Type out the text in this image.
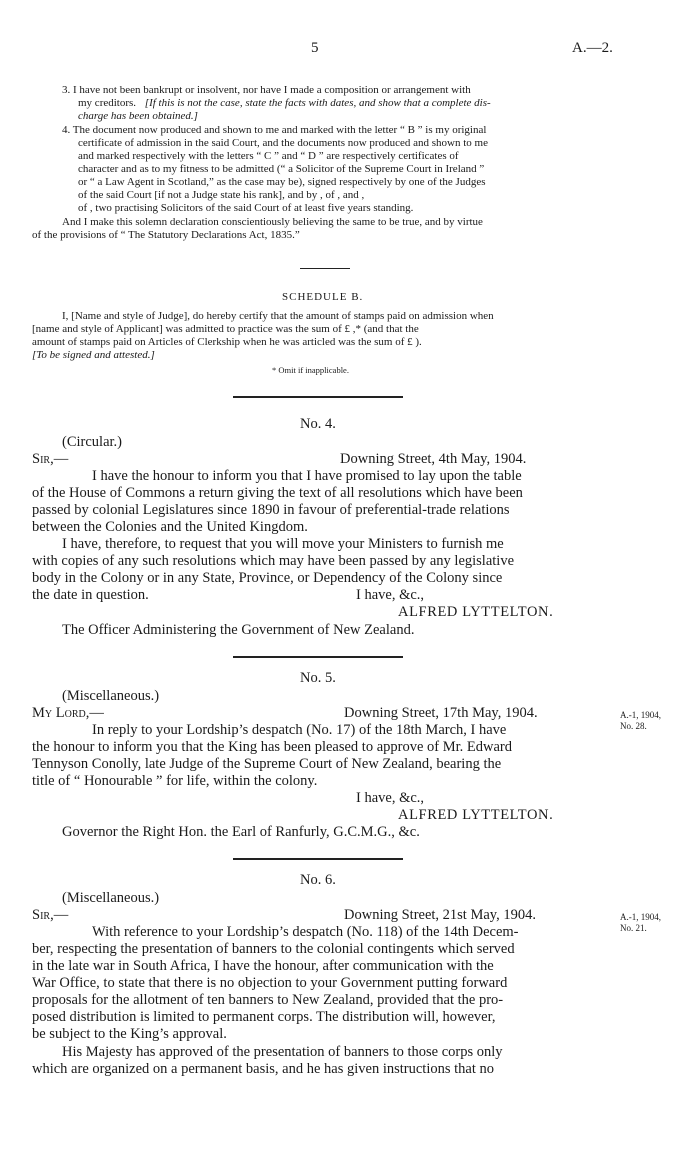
5	A.—2.
3. I have not been bankrupt or insolvent, nor have I made a composition or arrangement with
my creditors. [If this is not the case, state the facts with dates, and show that a complete dis-
charge has been obtained.]
4. The document now produced and shown to me and marked with the letter “ B ” is my original
certificate of admission in the said Court, and the documents now produced and shown to me
and marked respectively with the letters “ C ” and “ D ” are respectively certificates of
character and as to my fitness to be admitted (“ a Solicitor of the Supreme Court in Ireland ”
or “ a Law Agent in Scotland,” as the case may be), signed respectively by one of the Judges
of the said Court [if not a Judge state his rank], and by , of , and ,
of , two practising Solicitors of the said Court of at least five years standing.
And I make this solemn declaration conscientiously believing the same to be true, and by virtue
of the provisions of “ The Statutory Declarations Act, 1835.”
SCHEDULE B.
I, [Name and style of Judge], do hereby certify that the amount of stamps paid on admission when
[name and style of Applicant] was admitted to practice was the sum of £ ,* (and that the
amount of stamps paid on Articles of Clerkship when he was articled was the sum of £ ).
[To be signed and attested.]
* Omit if inapplicable.
No. 4.
(Circular.)
Sir,—	Downing Street, 4th May, 1904.
I have the honour to inform you that I have promised to lay upon the table
of the House of Commons a return giving the text of all resolutions which have been
passed by colonial Legislatures since 1890 in favour of preferential-trade relations
between the Colonies and the United Kingdom.
I have, therefore, to request that you will move your Ministers to furnish me
with copies of any such resolutions which may have been passed by any legislative
body in the Colony or in any State, Province, or Dependency of the Colony since
the date in question.	I have, &c.,
ALFRED LYTTELTON.
The Officer Administering the Government of New Zealand.
No. 5.
(Miscellaneous.)
My Lord,—	Downing Street, 17th May, 1904.	A.-1, 1904,
No. 28.
In reply to your Lordship’s despatch (No. 17) of the 18th March, I have
the honour to inform you that the King has been pleased to approve of Mr. Edward
Tennyson Conolly, late Judge of the Supreme Court of New Zealand, bearing the
title of “ Honourable ” for life, within the colony.
I have, &c.,
ALFRED LYTTELTON.
Governor the Right Hon. the Earl of Ranfurly, G.C.M.G., &c.
No. 6.
(Miscellaneous.)
Sir,—	Downing Street, 21st May, 1904.	A.-1, 1904,
No. 21.
With reference to your Lordship’s despatch (No. 118) of the 14th Decem-
ber, respecting the presentation of banners to the colonial contingents which served
in the late war in South Africa, I have the honour, after communication with the
War Office, to state that there is no objection to your Government putting forward
proposals for the allotment of ten banners to New Zealand, provided that the pro-
posed distribution is limited to permanent corps. The distribution will, however,
be subject to the King’s approval.
His Majesty has approved of the presentation of banners to those corps only
which are organized on a permanent basis, and he has given instructions that no
